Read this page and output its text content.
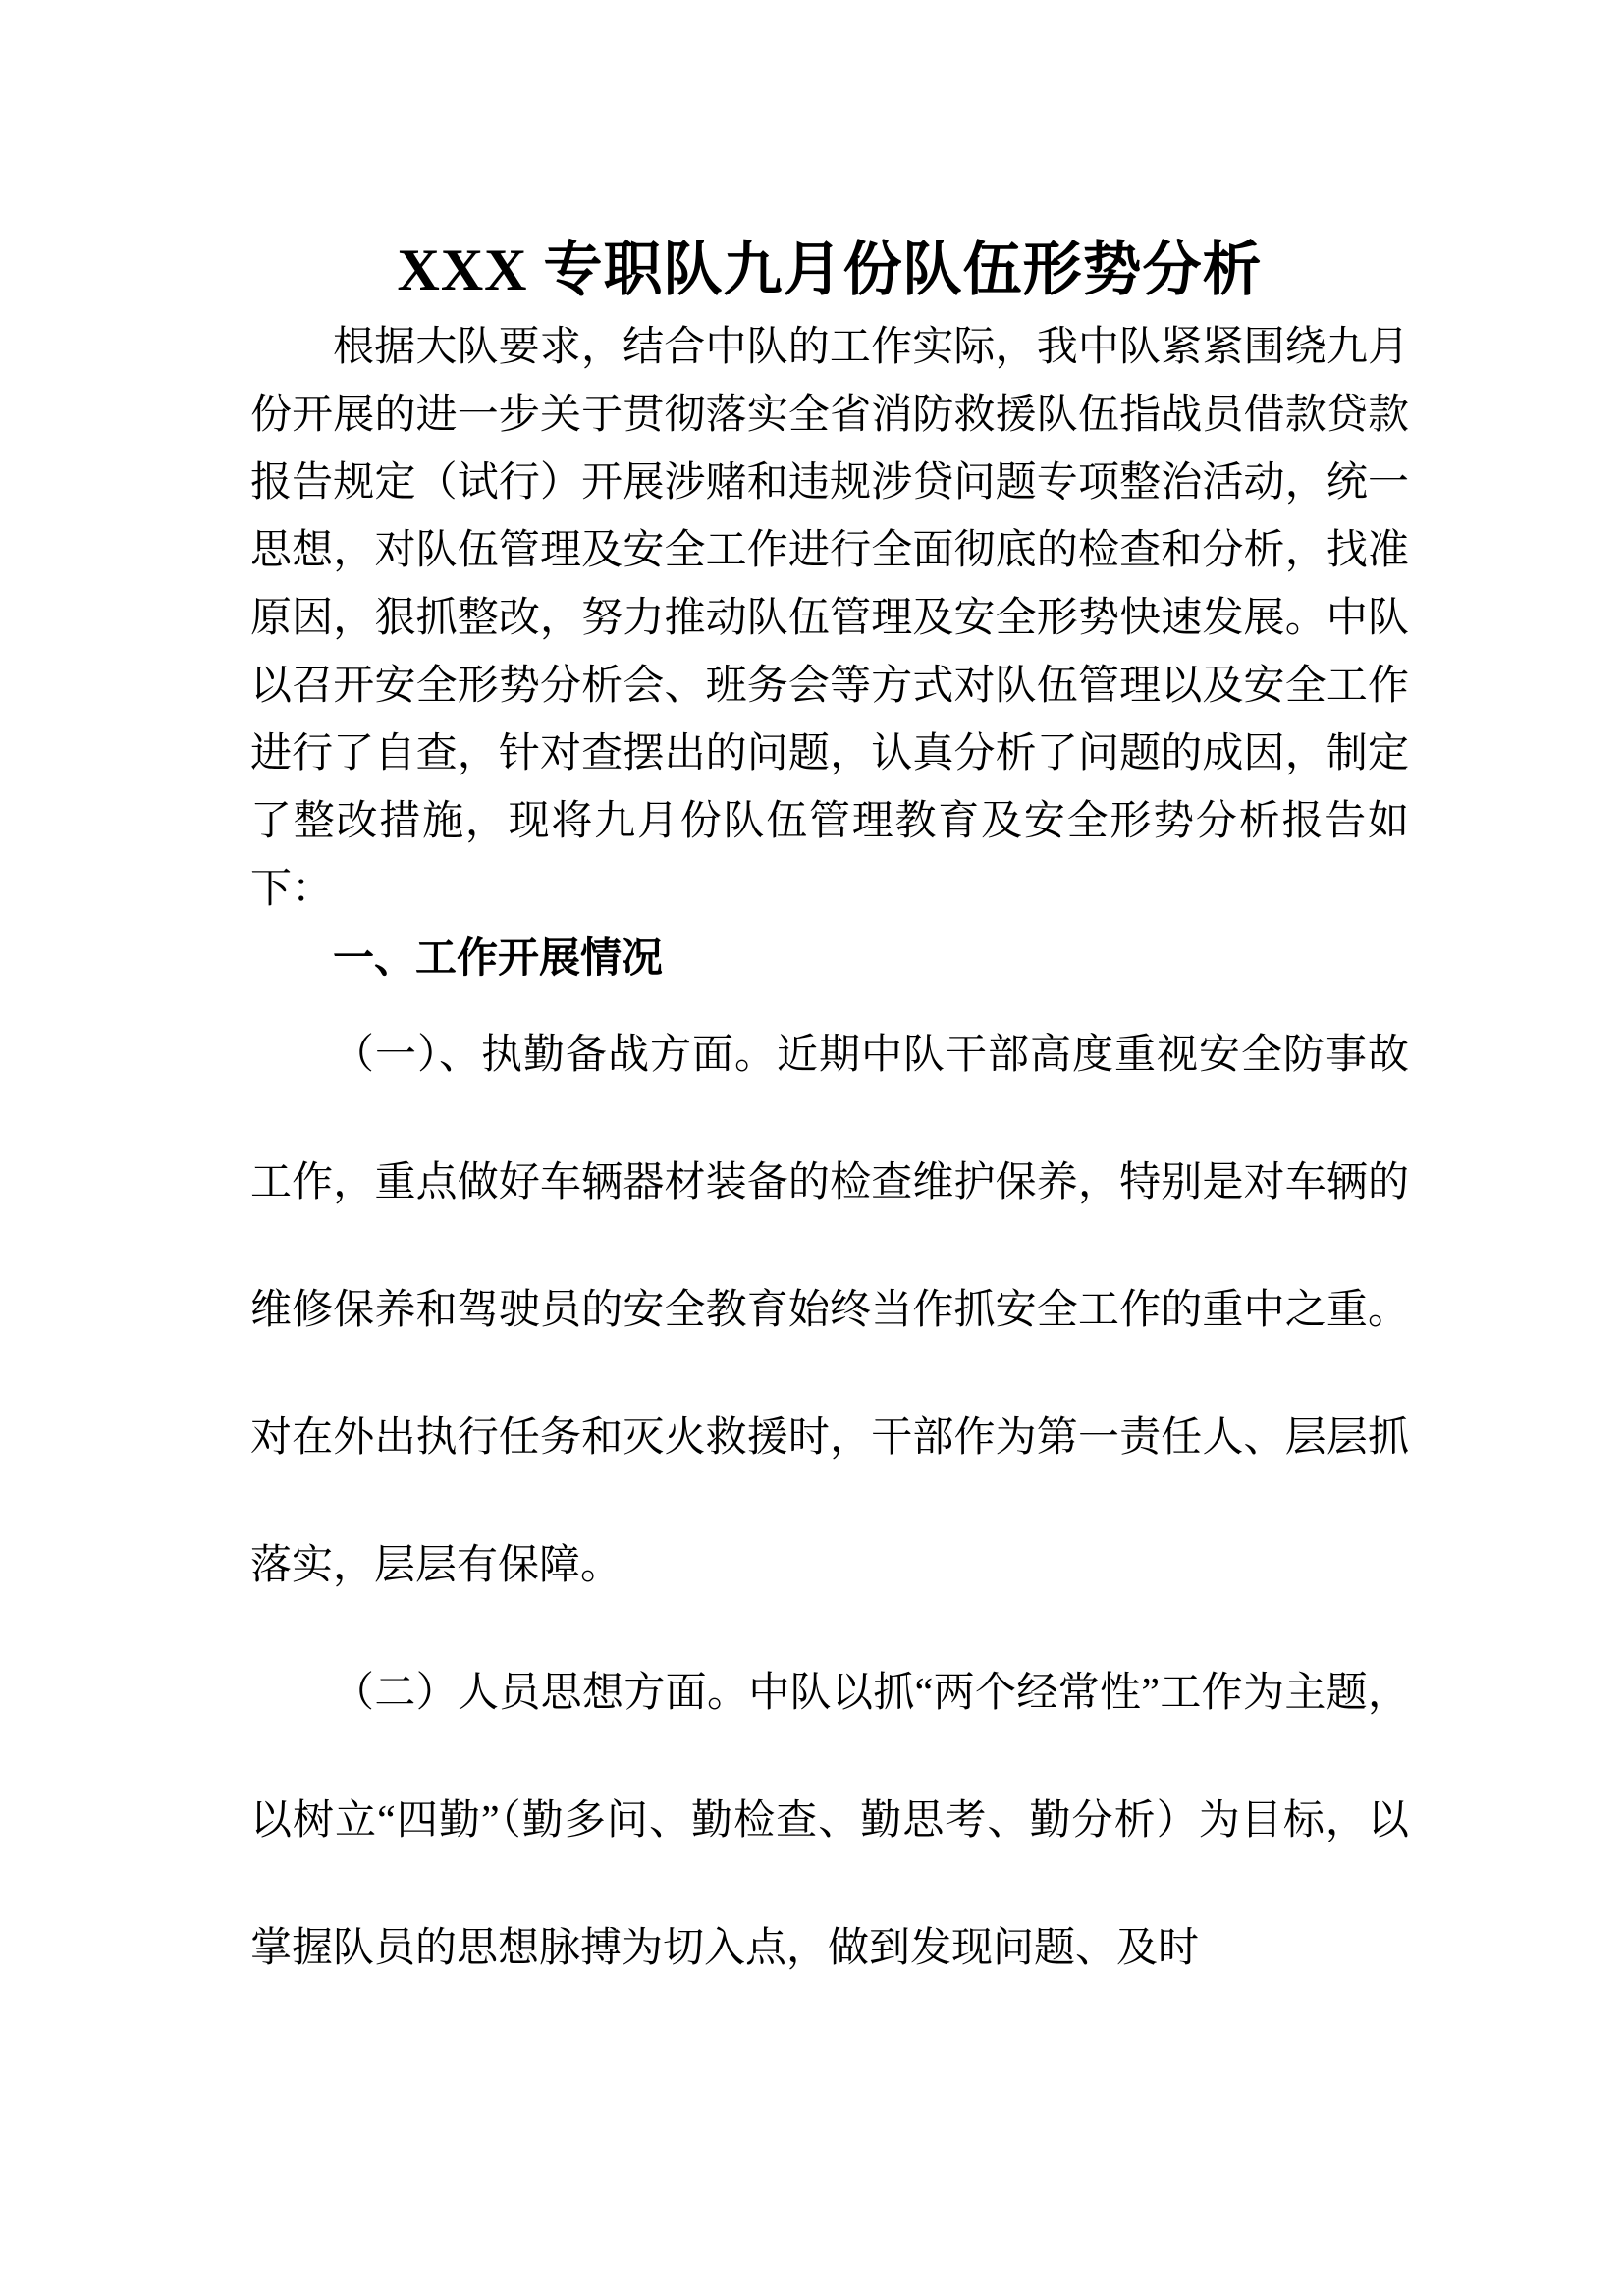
XXX 专职队九月份队伍形势分析

根据大队要求，结合中队的工作实际，我中队紧紧围绕九月份开展的进一步关于贯彻落实全省消防救援队伍指战员借款贷款报告规定（试行）开展涉赌和违规涉贷问题专项整治活动，统一思想，对队伍管理及安全工作进行全面彻底的检查和分析，找准原因，狠抓整改，努力推动队伍管理及安全形势快速发展。中队以召开安全形势分析会、班务会等方式对队伍管理以及安全工作进行了自查，针对查摆出的问题，认真分析了问题的成因，制定了整改措施，现将九月份队伍管理教育及安全形势分析报告如下：

一、工作开展情况

（一）、执勤备战方面。近期中队干部高度重视安全防事故工作，重点做好车辆器材装备的检查维护保养，特别是对车辆的维修保养和驾驶员的安全教育始终当作抓安全工作的重中之重。对在外出执行任务和灭火救援时，干部作为第一责任人、层层抓落实，层层有保障。

（二）人员思想方面。中队以抓“两个经常性”工作为主题， 以树立“四勤”（勤多问、勤检查、勤思考、勤分析）为目标，以掌握队员的思想脉搏为切入点，做到发现问题、及时
